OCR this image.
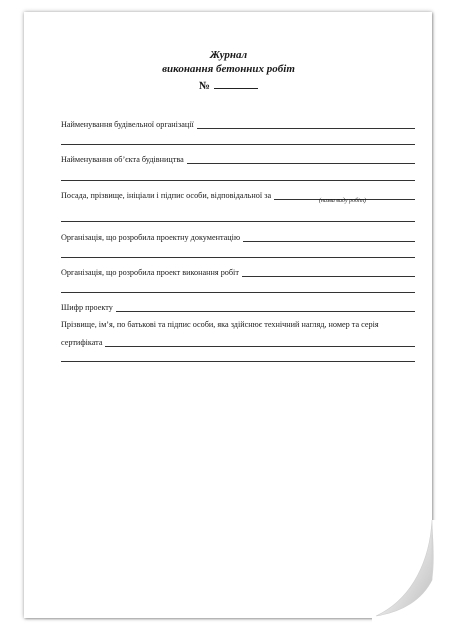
Журнал
виконання бетонних робіт
№
Найменування будівельної організації
Найменування об’єкта будівництва
Посада, прізвище, ініціали і підпис особи, відповідальної за
(назва виду робіт)
Організація, що розробила проектну документацію
Організація, що розробила проект виконання робіт
Шифр проекту
Прізвище, ім’я, по батькові та підпис особи, яка здійснює технічний нагляд, номер та серія
сертифіката
